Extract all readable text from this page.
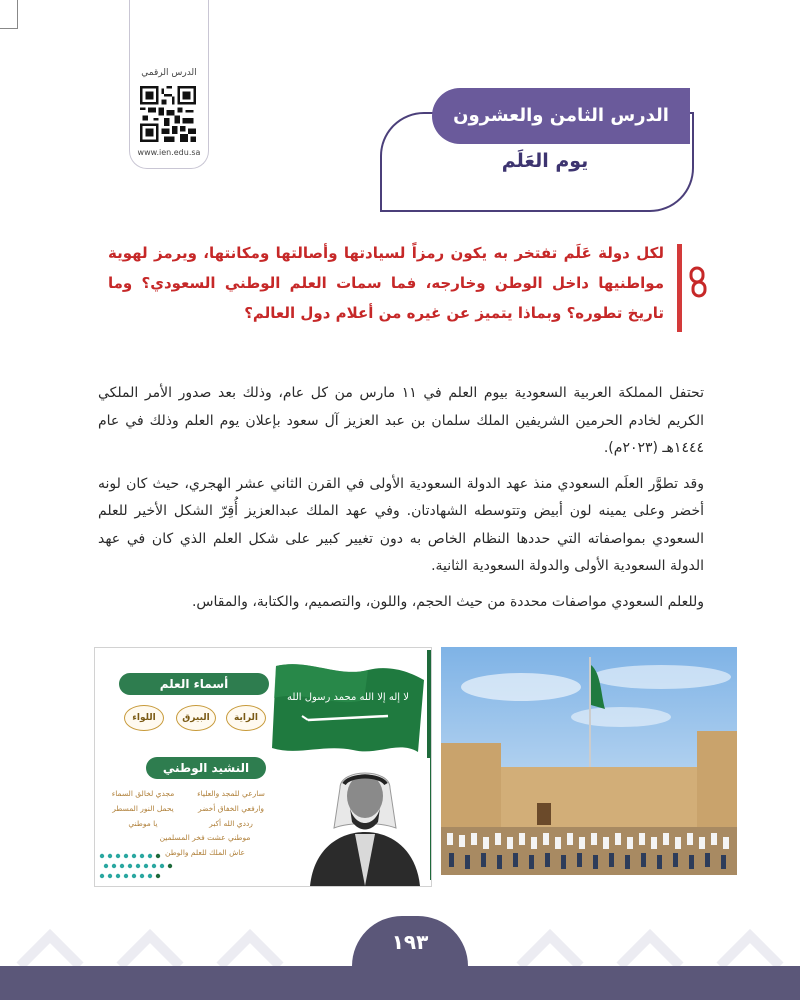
الدرس الرقمي
www.ien.edu.sa
الدرس الثامن والعشرون
يوم العَلَم
لكل دولة عَلَم تفتخر به يكون رمزاً لسيادتها وأصالتها ومكانتها، ويرمز لهوية مواطنيها داخل الوطن وخارجه، فما سمات العلم الوطني السعودي؟ وما تاريخ تطوره؟ وبماذا يتميز عن غيره من أعلام دول العالم؟

تحتفل المملكة العربية السعودية بيوم العلم في ١١ مارس من كل عام، وذلك بعد صدور الأمر الملكي الكريم لخادم الحرمين الشريفين الملك سلمان بن عبد العزيز آل سعود بإعلان يوم العلم وذلك في عام ١٤٤٤هـ (٢٠٢٣م).

وقد تطوَّر العلَم السعودي منذ عهد الدولة السعودية الأولى في القرن الثاني عشر الهجري، حيث كان لونه أخضر وعلى يمينه لون أبيض وتتوسطه الشهادتان. وفي عهد الملك عبدالعزيز أُقِرّ الشكل الأخير للعلم السعودي بمواصفاته التي حددها النظام الخاص به دون تغيير كبير على شكل العلم الذي كان في عهد الدولة السعودية الأولى والدولة السعودية الثانية.

وللعلم السعودي مواصفات محددة من حيث الحجم، واللون، والتصميم، والكتابة، والمقاس.

أسماء العلم
الراية
البيرق
اللواء
النشيد الوطني
سارعي للمجد والعلياء
وارفعي الخفاق أخضر
رددي الله أكبر
مجدي لخالق السماء
يحمل النور المسطر
يا موطني
موطني عشت فخر المسلمين
عاش الملك للعلم والوطن
لا إله إلا الله محمد رسول الله
١٩٣
